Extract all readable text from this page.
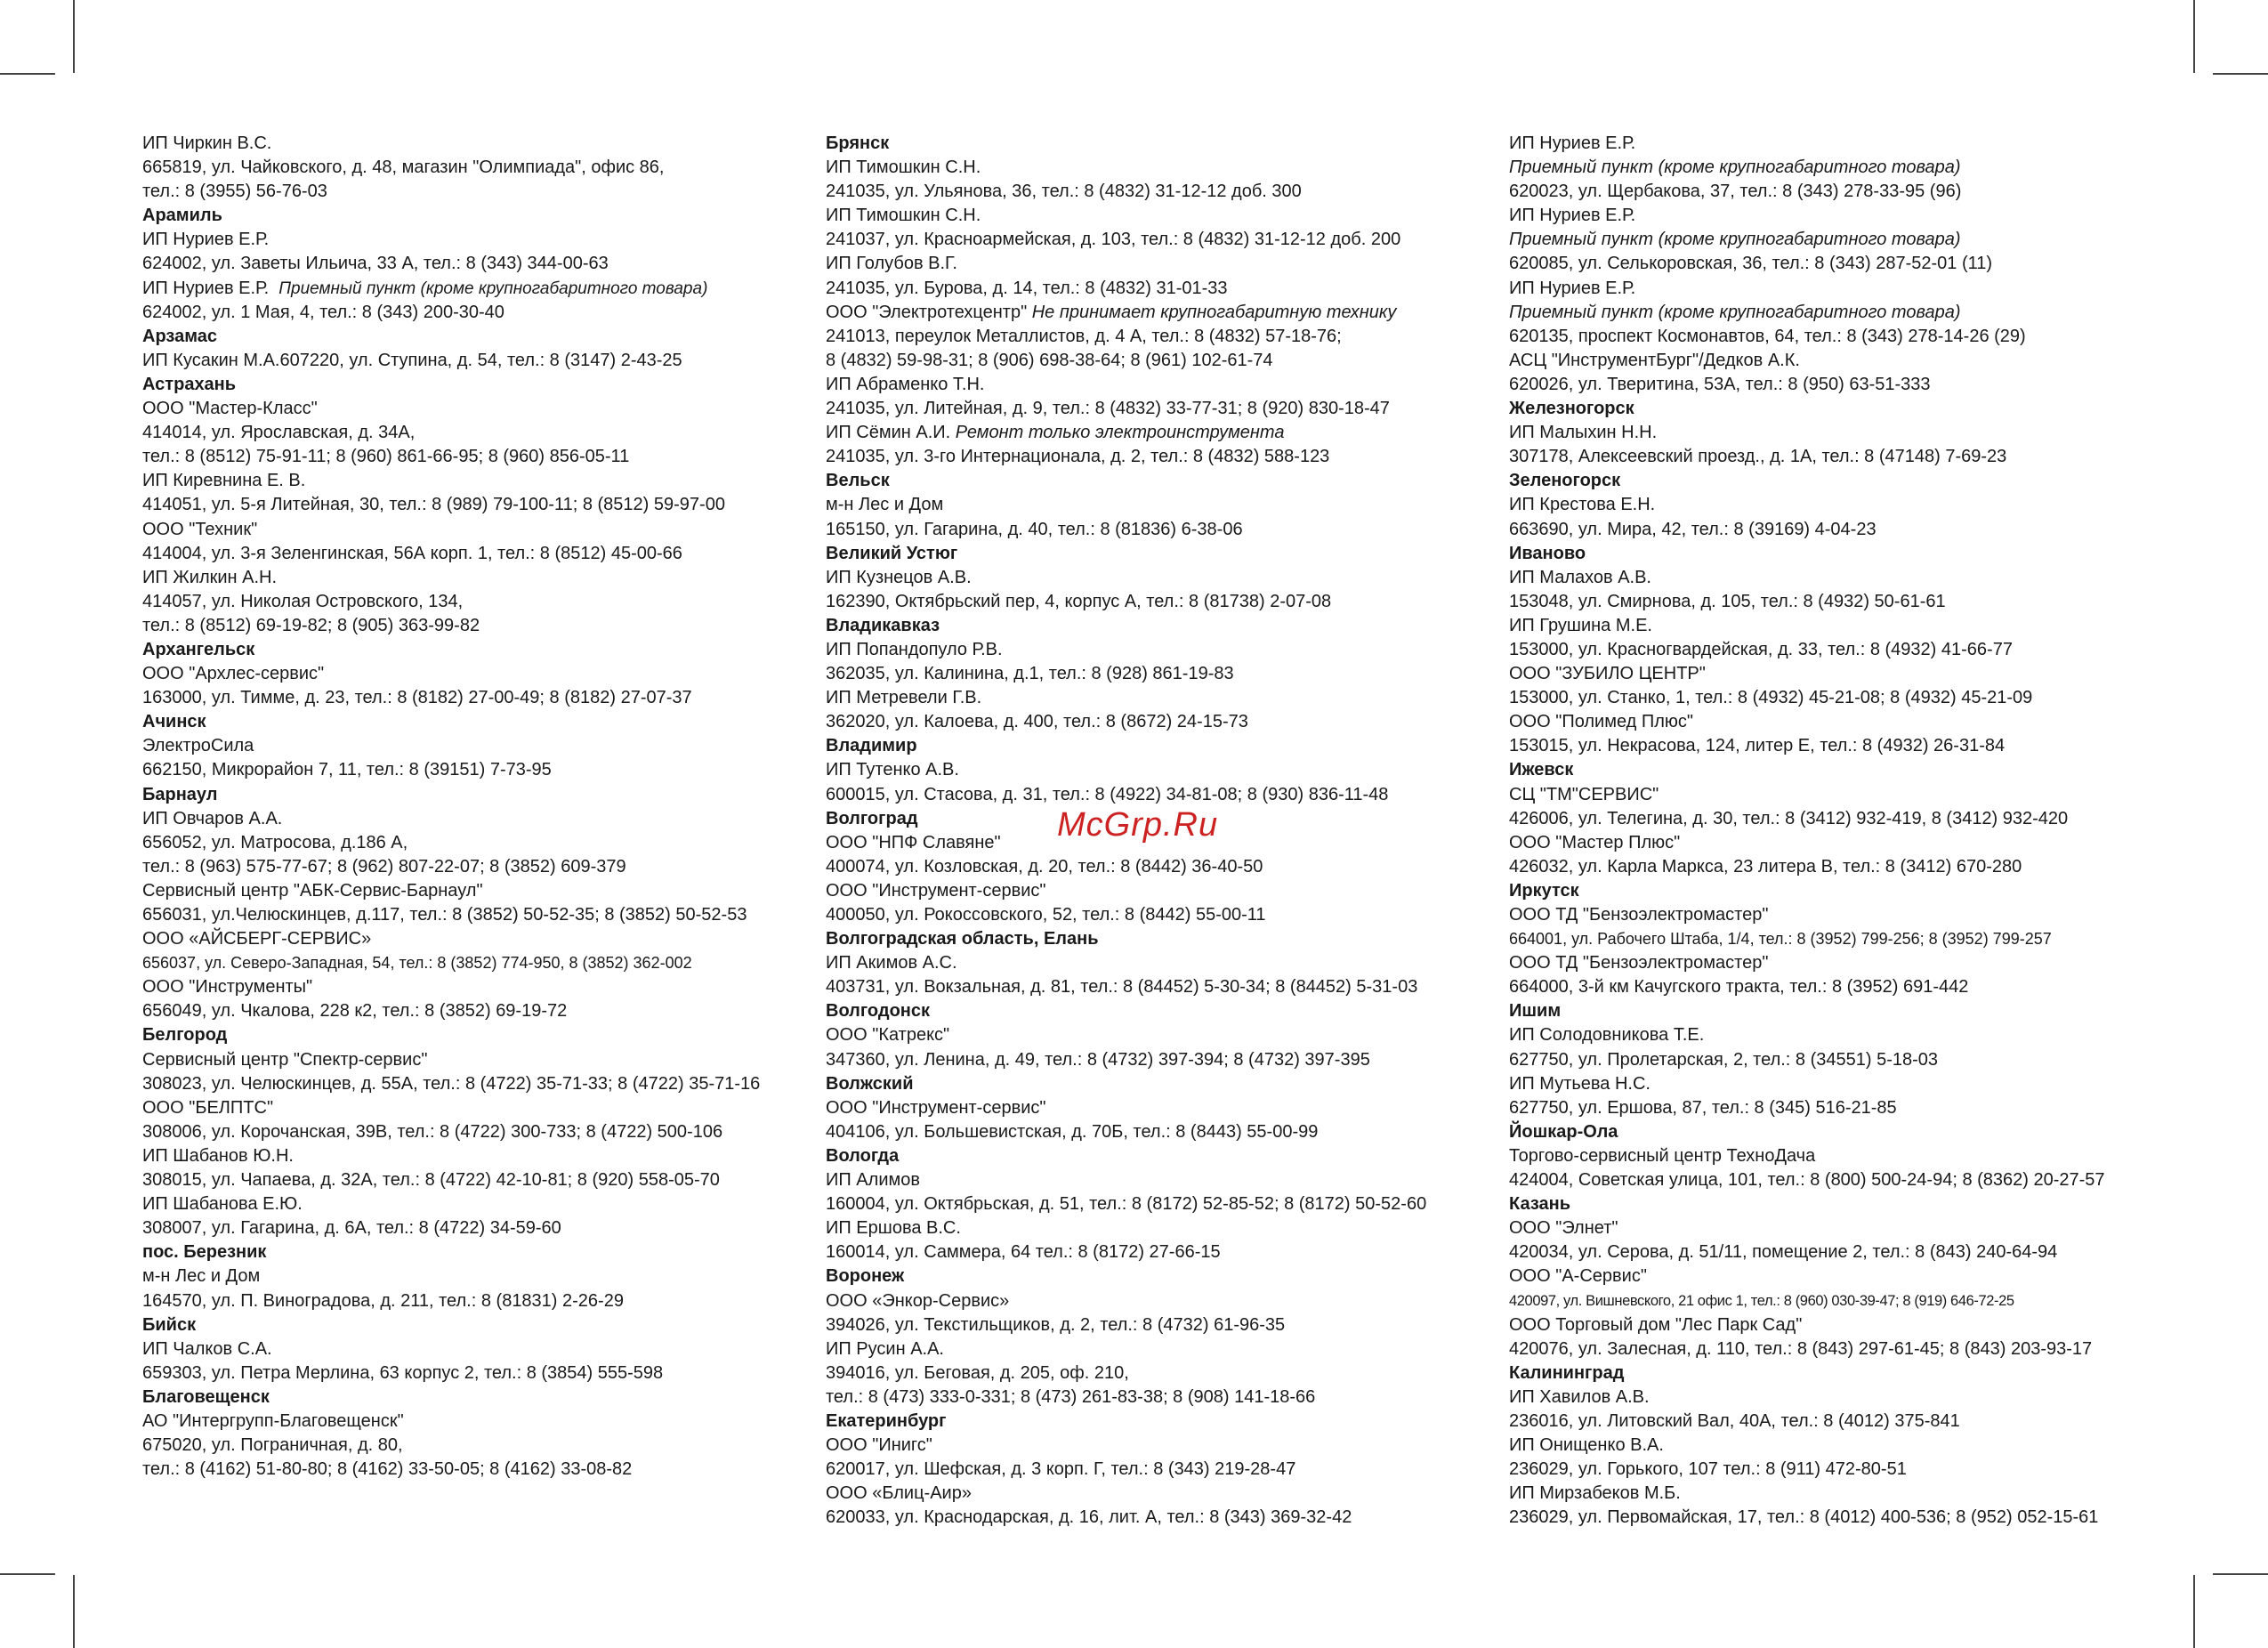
ИП Чиркин В.С.
665819, ул. Чайковского, д. 48, магазин "Олимпиада", офис 86,
тел.: 8 (3955) 56-76-03
Арамиль
ИП Нуриев Е.Р.
624002, ул. Заветы Ильича, 33 А, тел.: 8 (343) 344-00-63
ИП Нуриев Е.Р. Приемный пункт (кроме крупногабаритного товара)
624002, ул. 1 Мая, 4, тел.: 8 (343) 200-30-40
Арзамас
ИП Кусакин М.А.607220, ул. Ступина, д. 54, тел.: 8 (3147) 2-43-25
Астрахань
ООО "Мастер-Класс"
414014, ул. Ярославская, д. 34А,
тел.: 8 (8512) 75-91-11; 8 (960) 861-66-95; 8 (960) 856-05-11
ИП Киревнина Е. В.
414051, ул. 5-я Литейная, 30, тел.: 8 (989) 79-100-11; 8 (8512) 59-97-00
ООО "Техник"
414004, ул. 3-я Зеленгинская, 56А корп. 1, тел.: 8 (8512) 45-00-66
ИП Жилкин А.Н.
414057, ул. Николая Островского, 134,
тел.: 8 (8512) 69-19-82; 8 (905) 363-99-82
Архангельск
ООО "Архлес-сервис"
163000, ул. Тимме, д. 23, тел.: 8 (8182) 27-00-49; 8 (8182) 27-07-37
Ачинск
ЭлектроСила
662150, Микрорайон 7, 11, тел.: 8 (39151) 7-73-95
Барнаул
ИП Овчаров А.А.
656052, ул. Матросова, д.186 А,
тел.: 8 (963) 575-77-67; 8 (962) 807-22-07; 8 (3852) 609-379
Сервисный центр "АБК-Сервис-Барнаул"
656031, ул.Челюскинцев, д.117, тел.: 8 (3852) 50-52-35; 8 (3852) 50-52-53
ООО «АЙСБЕРГ-СЕРВИС»
656037, ул. Северо-Западная, 54, тел.: 8 (3852) 774-950, 8 (3852) 362-002
ООО "Инструменты"
656049, ул. Чкалова, 228 к2, тел.: 8 (3852) 69-19-72
Белгород
Сервисный центр "Спектр-сервис"
308023, ул. Челюскинцев, д. 55А, тел.: 8 (4722) 35-71-33; 8 (4722) 35-71-16
ООО "БЕЛПТС"
308006, ул. Корочанская, 39В, тел.: 8 (4722) 300-733; 8 (4722) 500-106
ИП Шабанов Ю.Н.
308015, ул. Чапаева, д. 32А, тел.: 8 (4722) 42-10-81; 8 (920) 558-05-70
ИП Шабанова Е.Ю.
308007, ул. Гагарина, д. 6А, тел.: 8 (4722) 34-59-60
пос. Березник
м-н Лес и Дом
164570, ул. П. Виноградова, д. 211, тел.: 8 (81831) 2-26-29
Бийск
ИП Чалков С.А.
659303, ул. Петра Мерлина, 63 корпус 2, тел.: 8 (3854) 555-598
Благовещенск
АО "Интергрупп-Благовещенск"
675020, ул. Пограничная, д. 80,
тел.: 8 (4162) 51-80-80; 8 (4162) 33-50-05; 8 (4162) 33-08-82
Брянск
ИП Тимошкин С.Н.
241035, ул. Ульянова, 36, тел.: 8 (4832) 31-12-12 доб. 300
ИП Тимошкин С.Н.
241037, ул. Красноармейская, д. 103, тел.: 8 (4832) 31-12-12 доб. 200
ИП Голубов В.Г.
241035, ул. Бурова, д. 14, тел.: 8 (4832) 31-01-33
ООО "Электротехцентр" Не принимает крупногабаритную технику
241013, переулок Металлистов, д. 4 А, тел.: 8 (4832) 57-18-76;
8 (4832) 59-98-31; 8 (906) 698-38-64; 8 (961) 102-61-74
ИП Абраменко Т.Н.
241035, ул. Литейная, д. 9, тел.: 8 (4832) 33-77-31; 8 (920) 830-18-47
ИП Сёмин А.И. Ремонт только электроинструмента
241035, ул. 3-го Интернационала, д. 2, тел.: 8 (4832) 588-123
Вельск
м-н Лес и Дом
165150, ул. Гагарина, д. 40, тел.: 8 (81836) 6-38-06
Великий Устюг
ИП Кузнецов А.В.
162390, Октябрьский пер, 4, корпус А, тел.: 8 (81738) 2-07-08
Владикавказ
ИП Попандопуло Р.В.
362035, ул. Калинина, д.1, тел.: 8 (928) 861-19-83
ИП Метревели Г.В.
362020, ул. Калоева, д. 400, тел.: 8 (8672) 24-15-73
Владимир
ИП Тутенко А.В.
600015, ул. Стасова, д. 31, тел.: 8 (4922) 34-81-08; 8 (930) 836-11-48
Волгоград
ООО "НПФ Славяне"
400074, ул. Козловская, д. 20, тел.: 8 (8442) 36-40-50
ООО "Инструмент-сервис"
400050, ул. Рокоссовского, 52, тел.: 8 (8442) 55-00-11
Волгоградская область, Елань
ИП Акимов А.С.
403731, ул. Вокзальная, д. 81, тел.: 8 (84452) 5-30-34; 8 (84452) 5-31-03
Волгодонск
ООО "Катрекс"
347360, ул. Ленина, д. 49, тел.: 8 (4732) 397-394; 8 (4732) 397-395
Волжский
ООО "Инструмент-сервис"
404106, ул. Большевистская, д. 70Б, тел.: 8 (8443) 55-00-99
Вологда
ИП Алимов
160004, ул. Октябрьская, д. 51, тел.: 8 (8172) 52-85-52; 8 (8172) 50-52-60
ИП Ершова В.С.
160014, ул. Саммера, 64 тел.: 8 (8172) 27-66-15
Воронеж
ООО «Энкор-Сервис»
394026, ул. Текстильщиков, д. 2, тел.: 8 (4732) 61-96-35
ИП Русин А.А.
394016, ул. Беговая, д. 205, оф. 210,
тел.: 8 (473) 333-0-331; 8 (473) 261-83-38; 8 (908) 141-18-66
Екатеринбург
ООО "Инигс"
620017, ул. Шефская, д. 3 корп. Г, тел.: 8 (343) 219-28-47
ООО «Блиц-Аир»
620033, ул. Краснодарская, д. 16, лит. А, тел.: 8 (343) 369-32-42
ИП Нуриев Е.Р.
Приемный пункт (кроме крупногабаритного товара)
620023, ул. Щербакова, 37, тел.: 8 (343) 278-33-95 (96)
ИП Нуриев Е.Р.
Приемный пункт (кроме крупногабаритного товара)
620085, ул. Селькоровская, 36, тел.: 8 (343) 287-52-01 (11)
ИП Нуриев Е.Р.
Приемный пункт (кроме крупногабаритного товара)
620135, проспект Космонавтов, 64, тел.: 8 (343) 278-14-26 (29)
АСЦ "ИнструментБург"/Дедков А.К.
620026, ул. Тверитина, 53А, тел.: 8 (950) 63-51-333
Железногорск
ИП Малыхин Н.Н.
307178, Алексеевский проезд., д. 1А, тел.: 8 (47148) 7-69-23
Зеленогорск
ИП Крестова Е.Н.
663690, ул. Мира, 42, тел.: 8 (39169) 4-04-23
Иваново
ИП Малахов А.В.
153048, ул. Смирнова, д. 105, тел.: 8 (4932) 50-61-61
ИП Грушина М.Е.
153000, ул. Красногвардейская, д. 33, тел.: 8 (4932) 41-66-77
ООО "ЗУБИЛО ЦЕНТР"
153000, ул. Станко, 1, тел.: 8 (4932) 45-21-08; 8 (4932) 45-21-09
ООО "Полимед Плюс"
153015, ул. Некрасова, 124, литер Е, тел.: 8 (4932) 26-31-84
Ижевск
СЦ "ТМ"СЕРВИС"
426006, ул. Телегина, д. 30, тел.: 8 (3412) 932-419, 8 (3412) 932-420
ООО "Мастер Плюс"
426032, ул. Карла Маркса, 23 литера В, тел.: 8 (3412) 670-280
Иркутск
ООО ТД "Бензоэлектромастер"
664001, ул. Рабочего Штаба, 1/4, тел.: 8 (3952) 799-256; 8 (3952) 799-257
ООО ТД "Бензоэлектромастер"
664000, 3-й км Качугского тракта, тел.: 8 (3952) 691-442
Ишим
ИП Солодовникова Т.Е.
627750, ул. Пролетарская, 2, тел.: 8 (34551) 5-18-03
ИП Мутьева Н.С.
627750, ул. Ершова, 87, тел.: 8 (345) 516-21-85
Йошкар-Ола
Торгово-сервисный центр ТехноДача
424004, Советская улица, 101, тел.: 8 (800) 500-24-94; 8 (8362) 20-27-57
Казань
ООО "Элнет"
420034, ул. Серова, д. 51/11, помещение 2, тел.: 8 (843) 240-64-94
ООО "А-Сервис"
420097, ул. Вишневского, 21 офис 1, тел.: 8 (960) 030-39-47; 8 (919) 646-72-25
ООО Торговый дом "Лес Парк Сад"
420076, ул. Залесная, д. 110, тел.: 8 (843) 297-61-45; 8 (843) 203-93-17
Калининград
ИП Хавилов А.В.
236016, ул. Литовский Вал, 40А, тел.: 8 (4012) 375-841
ИП Онищенко В.А.
236029, ул. Горького, 107 тел.: 8 (911) 472-80-51
ИП Мирзабеков М.Б.
236029, ул. Первомайская, 17, тел.: 8 (4012) 400-536; 8 (952) 052-15-61
McGrp.Ru
